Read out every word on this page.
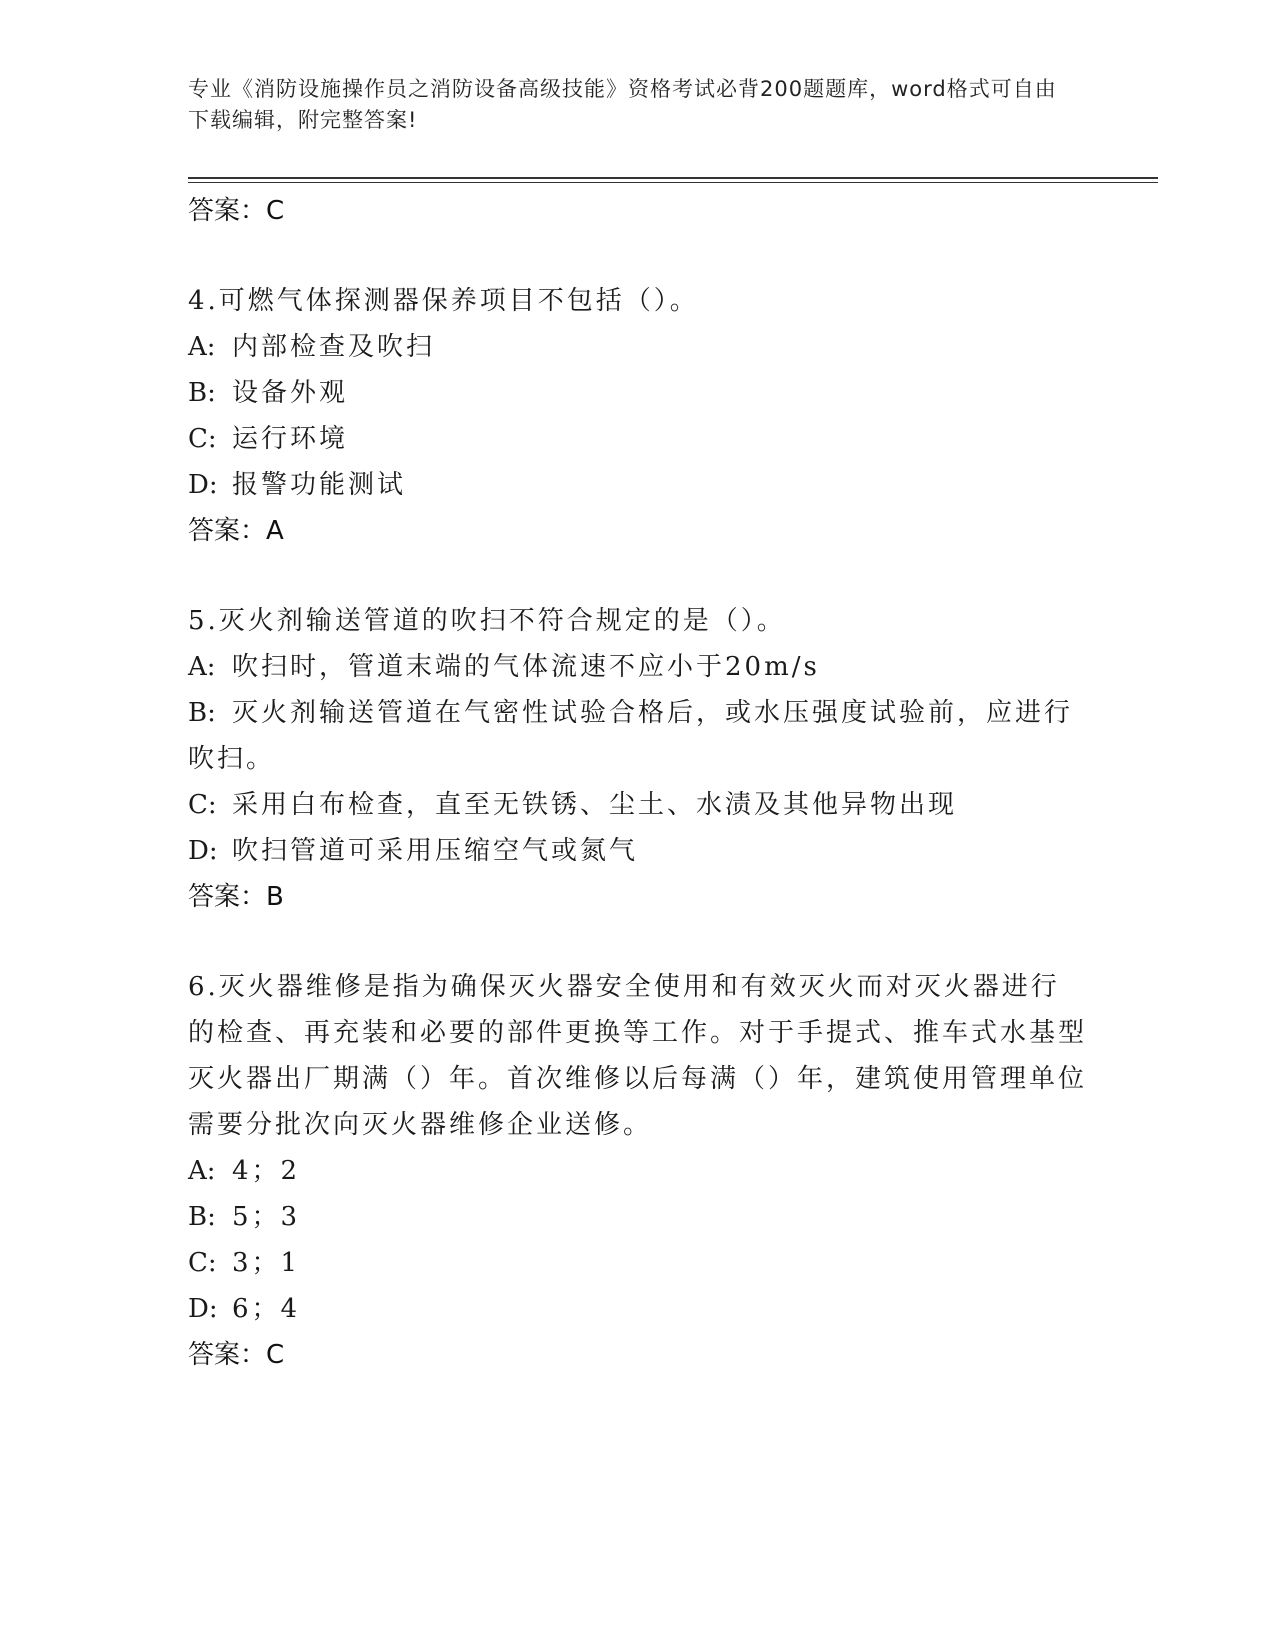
专业《消防设施操作员之消防设备高级技能》资格考试必背200题题库，word格式可自由下载编辑，附完整答案!

答案：C

4.可燃气体探测器保养项目不包括（）。

A: 内部检查及吹扫

B: 设备外观

C: 运行环境

D: 报警功能测试

答案：A

5.灭火剂输送管道的吹扫不符合规定的是（）。

A: 吹扫时，管道末端的气体流速不应小于20m/s

B: 灭火剂输送管道在气密性试验合格后，或水压强度试验前，应进行吹扫。

C: 采用白布检查，直至无铁锈、尘土、水渍及其他异物出现

D: 吹扫管道可采用压缩空气或氮气

答案：B

6.灭火器维修是指为确保灭火器安全使用和有效灭火而对灭火器进行的检查、再充装和必要的部件更换等工作。对于手提式、推车式水基型灭火器出厂期满（）年。首次维修以后每满（）年，建筑使用管理单位需要分批次向灭火器维修企业送修。

A: 4；2

B: 5；3

C: 3；1

D: 6；4

答案：C
